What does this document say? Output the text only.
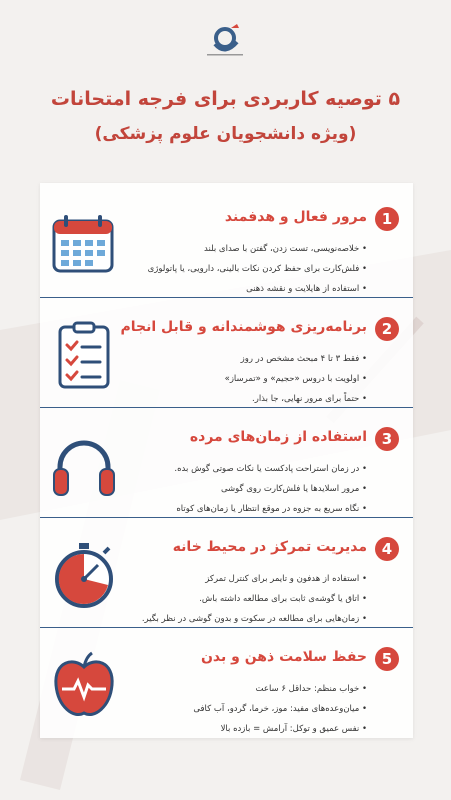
۵ توصیه کاربردی برای فرجه امتحانات
(ویژه دانشجویان علوم پزشکی)
1
مرور فعال و هدفمند
• خلاصه‌نویسی، تست زدن، گفتن با صدای بلند
• فلش‌کارت برای حفظ کردن نکات بالینی، دارویی، یا پاتولوژی
• استفاده از هایلایت و نقشه ذهنی
2
برنامه‌ریزی هوشمندانه و قابل انجام
• فقط ۳ تا ۴ مبحث مشخص در روز
• اولویت با دروس «حجیم» و «تمرساز»
• حتماً برای مرور نهایی، جا بذار.
3
استفاده از زمان‌های مرده
• در زمان استراحت پادکست یا نکات صوتی گوش بده.
• مرور اسلایدها یا فلش‌کارت روی گوشی
• نگاه سریع به جزوه در موقع انتظار یا زمان‌های کوتاه
4
مدیریت تمرکز در محیط خانه
• استفاده از هدفون و تایمر برای کنترل تمرکز
• اتاق یا گوشه‌ی ثابت برای مطالعه داشته باش.
• زمان‌هایی برای مطالعه در سکوت و بدون گوشی در نظر بگیر.
5
حفظ سلامت ذهن و بدن
• خواب منظم: حداقل ۶ ساعت
• میان‌وعده‌های مفید: موز، خرما، گردو، آب کافی
• نفس عمیق و توکل: آرامش = بازده بالا
